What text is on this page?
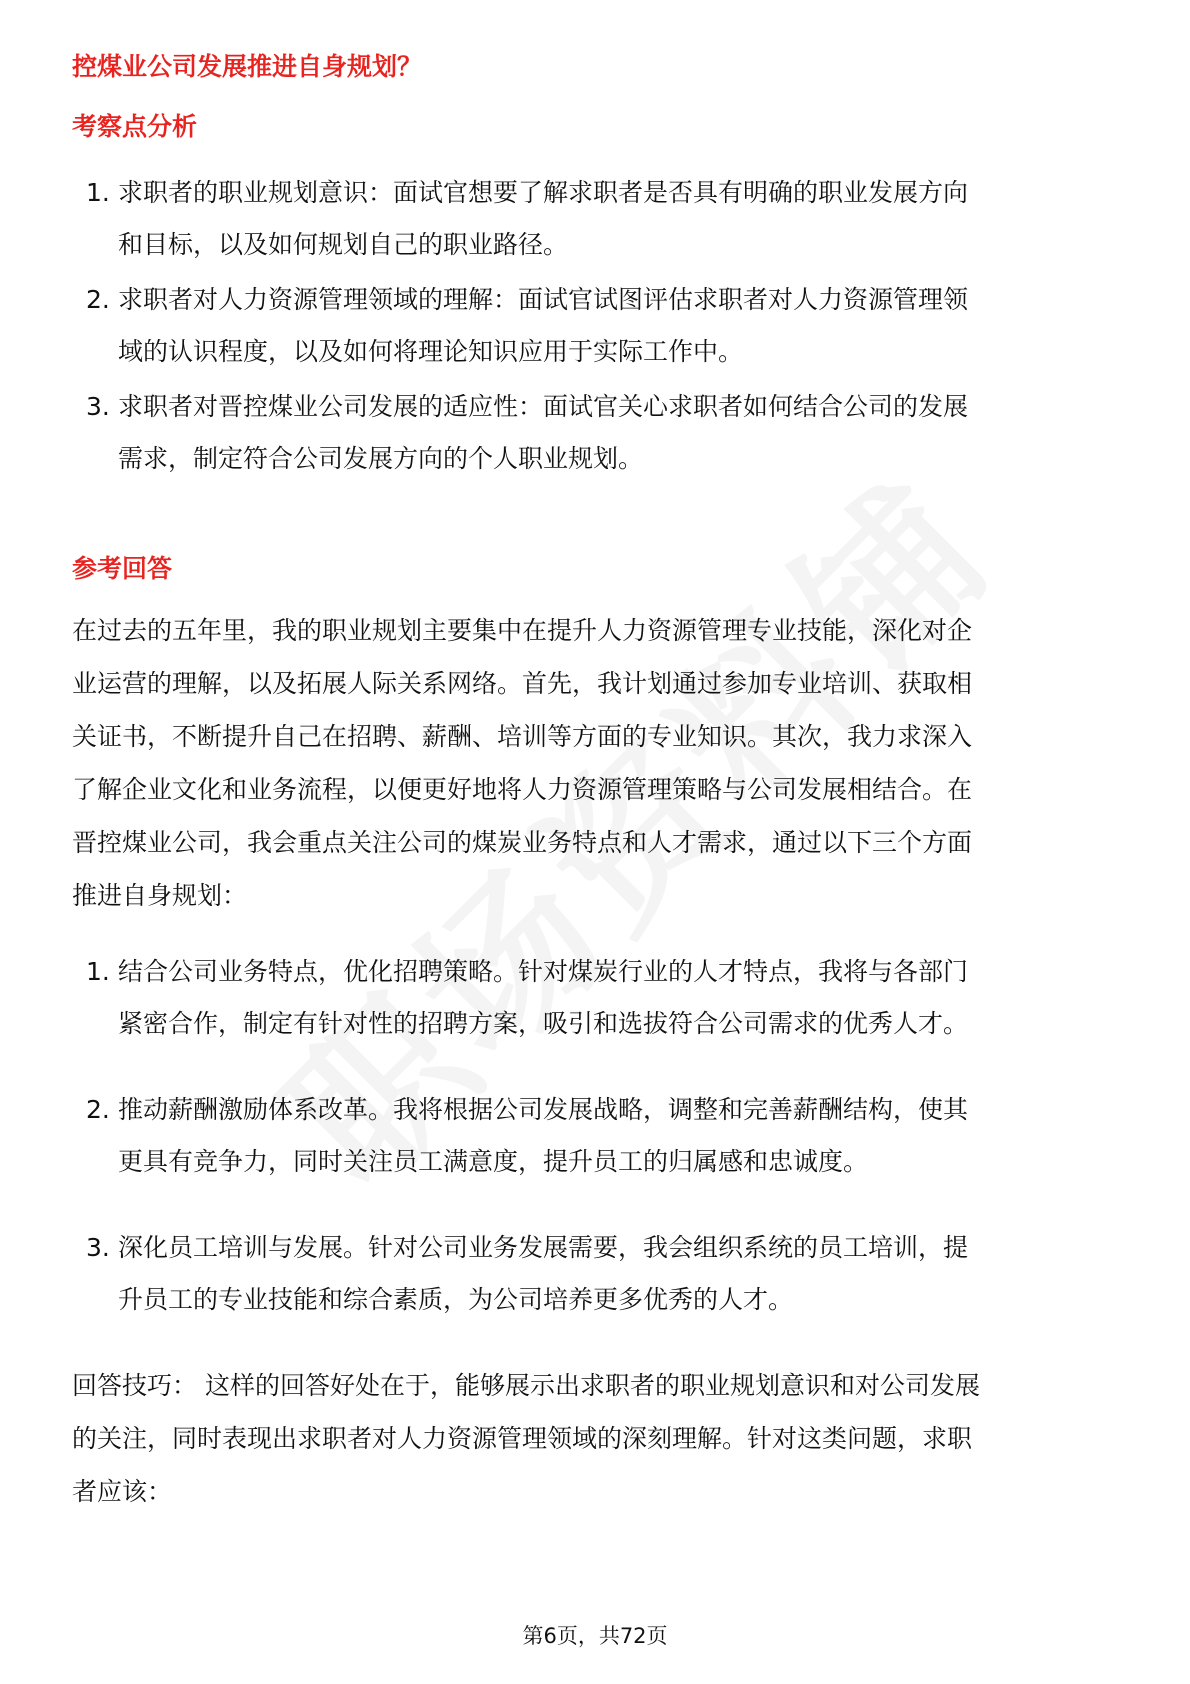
控煤业公司发展推进自身规划？
考察点分析
1. 求职者的职业规划意识：面试官想要了解求职者是否具有明确的职业发展方向
和目标，以及如何规划自己的职业路径。
2. 求职者对人力资源管理领域的理解：面试官试图评估求职者对人力资源管理领
域的认识程度，以及如何将理论知识应用于实际工作中。
3. 求职者对晋控煤业公司发展的适应性：面试官关心求职者如何结合公司的发展
需求，制定符合公司发展方向的个人职业规划。
参考回答
在过去的五年里，我的职业规划主要集中在提升人力资源管理专业技能，深化对企
业运营的理解，以及拓展人际关系网络。首先，我计划通过参加专业培训、获取相
关证书，不断提升自己在招聘、薪酬、培训等方面的专业知识。其次，我力求深入
了解企业文化和业务流程，以便更好地将人力资源管理策略与公司发展相结合。在
晋控煤业公司，我会重点关注公司的煤炭业务特点和人才需求，通过以下三个方面
推进自身规划：
1. 结合公司业务特点，优化招聘策略。针对煤炭行业的人才特点，我将与各部门
紧密合作，制定有针对性的招聘方案，吸引和选拔符合公司需求的优秀人才。
2. 推动薪酬激励体系改革。我将根据公司发展战略，调整和完善薪酬结构，使其
更具有竞争力，同时关注员工满意度，提升员工的归属感和忠诚度。
3. 深化员工培训与发展。针对公司业务发展需要，我会组织系统的员工培训，提
升员工的专业技能和综合素质，为公司培养更多优秀的人才。
回答技巧： 这样的回答好处在于，能够展示出求职者的职业规划意识和对公司发展
的关注，同时表现出求职者对人力资源管理领域的深刻理解。针对这类问题，求职
者应该：
第6页，共72页
